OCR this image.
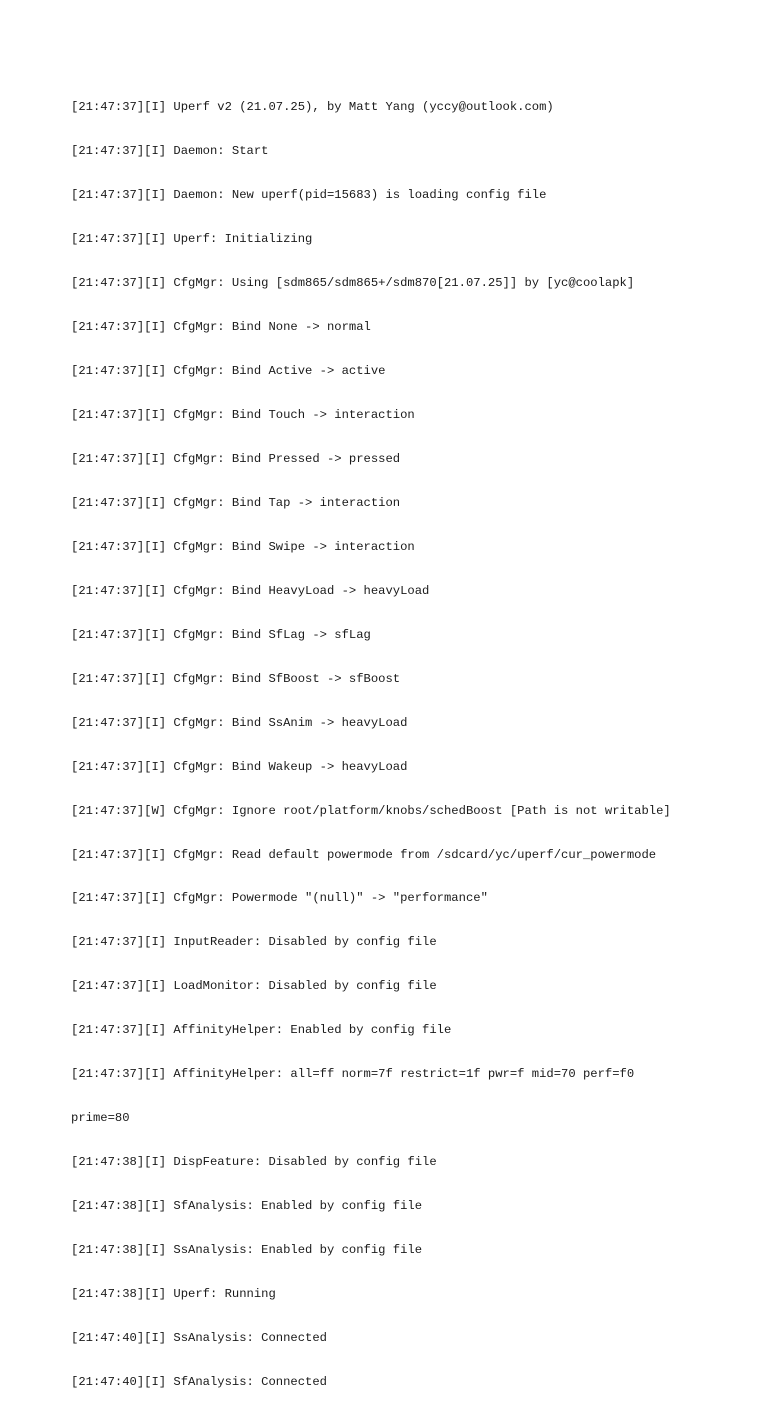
[21:47:37][I] Uperf v2 (21.07.25), by Matt Yang (yccy@outlook.com)

[21:47:37][I] Daemon: Start

[21:47:37][I] Daemon: New uperf(pid=15683) is loading config file

[21:47:37][I] Uperf: Initializing

[21:47:37][I] CfgMgr: Using [sdm865/sdm865+/sdm870[21.07.25]] by [yc@coolapk]

[21:47:37][I] CfgMgr: Bind None -> normal

[21:47:37][I] CfgMgr: Bind Active -> active

[21:47:37][I] CfgMgr: Bind Touch -> interaction

[21:47:37][I] CfgMgr: Bind Pressed -> pressed

[21:47:37][I] CfgMgr: Bind Tap -> interaction

[21:47:37][I] CfgMgr: Bind Swipe -> interaction

[21:47:37][I] CfgMgr: Bind HeavyLoad -> heavyLoad

[21:47:37][I] CfgMgr: Bind SfLag -> sfLag

[21:47:37][I] CfgMgr: Bind SfBoost -> sfBoost

[21:47:37][I] CfgMgr: Bind SsAnim -> heavyLoad

[21:47:37][I] CfgMgr: Bind Wakeup -> heavyLoad

[21:47:37][W] CfgMgr: Ignore root/platform/knobs/schedBoost [Path is not writable]

[21:47:37][I] CfgMgr: Read default powermode from /sdcard/yc/uperf/cur_powermode

[21:47:37][I] CfgMgr: Powermode "(null)" -> "performance"

[21:47:37][I] InputReader: Disabled by config file

[21:47:37][I] LoadMonitor: Disabled by config file

[21:47:37][I] AffinityHelper: Enabled by config file

[21:47:37][I] AffinityHelper: all=ff norm=7f restrict=1f pwr=f mid=70 perf=f0

prime=80

[21:47:38][I] DispFeature: Disabled by config file

[21:47:38][I] SfAnalysis: Enabled by config file

[21:47:38][I] SsAnalysis: Enabled by config file

[21:47:38][I] Uperf: Running

[21:47:40][I] SsAnalysis: Connected

[21:47:40][I] SfAnalysis: Connected
